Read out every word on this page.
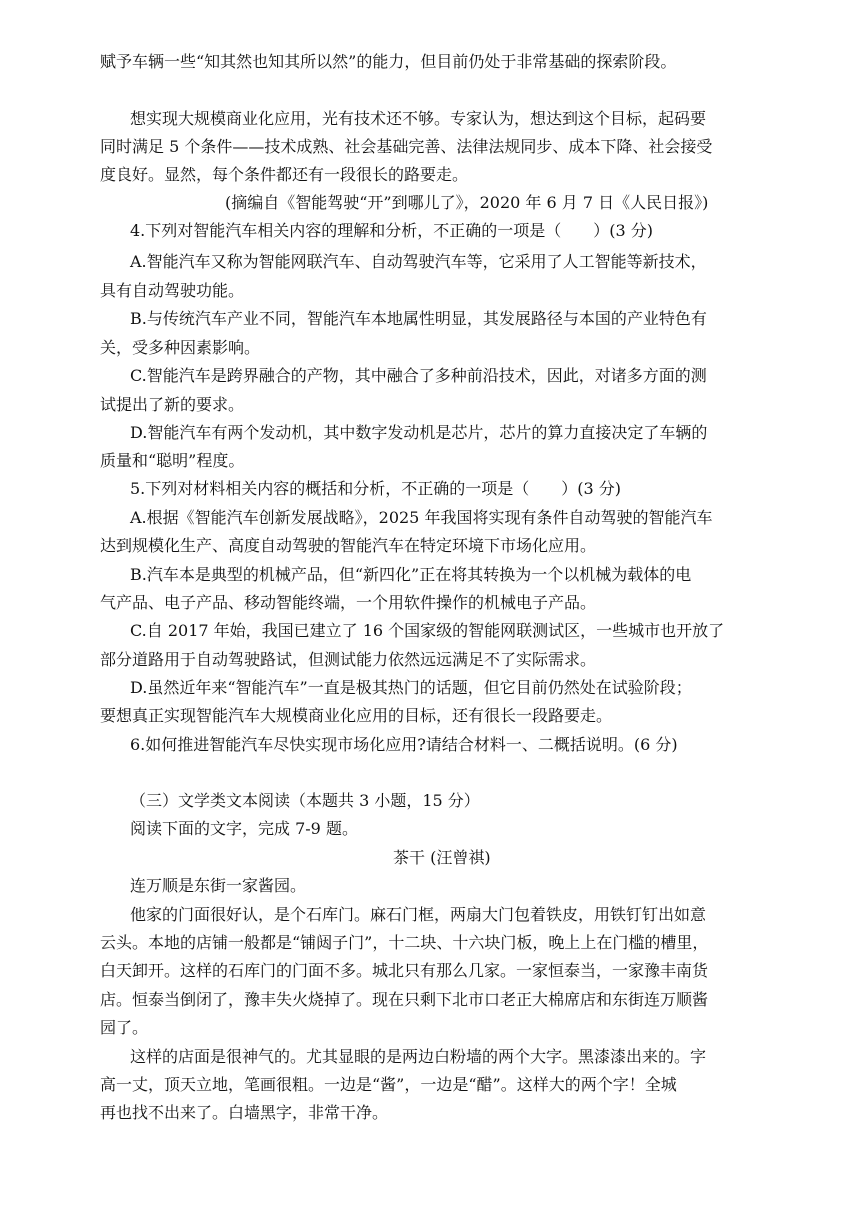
赋予车辆一些“知其然也知其所以然”的能力，但目前仍处于非常基础的探索阶段。
想实现大规模商业化应用，光有技术还不够。专家认为，想达到这个目标，起码要
同时满足 5 个条件——技术成熟、社会基础完善、法律法规同步、成本下降、社会接受
度良好。显然，每个条件都还有一段很长的路要走。
(摘编自《智能驾驶“开”到哪儿了》，2020 年 6 月 7 日《人民日报》)
4.下列对智能汽车相关内容的理解和分析，不正确的一项是（　　）(3 分)
A.智能汽车又称为智能网联汽车、自动驾驶汽车等，它采用了人工智能等新技术，
具有自动驾驶功能。
B.与传统汽车产业不同，智能汽车本地属性明显，其发展路径与本国的产业特色有
关，受多种因素影响。
C.智能汽车是跨界融合的产物，其中融合了多种前沿技术，因此，对诸多方面的测
试提出了新的要求。
D.智能汽车有两个发动机，其中数字发动机是芯片，芯片的算力直接决定了车辆的
质量和“聪明”程度。
5.下列对材料相关内容的概括和分析，不正确的一项是（　　）(3 分)
A.根据《智能汽车创新发展战略》，2025 年我国将实现有条件自动驾驶的智能汽车
达到规模化生产、高度自动驾驶的智能汽车在特定环境下市场化应用。
B.汽车本是典型的机械产品，但“新四化”正在将其转换为一个以机械为载体的电
气产品、电子产品、移动智能终端，一个用软件操作的机械电子产品。
C.自 2017 年始，我国已建立了 16 个国家级的智能网联测试区，一些城市也开放了
部分道路用于自动驾驶路试，但测试能力依然远远满足不了实际需求。
D.虽然近年来“智能汽车”一直是极其热门的话题，但它目前仍然处在试验阶段；
要想真正实现智能汽车大规模商业化应用的目标，还有很长一段路要走。
6.如何推进智能汽车尽快实现市场化应用?请结合材料一、二概括说明。(6 分)
（三）文学类文本阅读（本题共 3 小题，15 分）
阅读下面的文字，完成 7-9 题。
茶干 (汪曾祺)
连万顺是东街一家酱园。
他家的门面很好认，是个石库门。麻石门框，两扇大门包着铁皮，用铁钉钉出如意
云头。本地的店铺一般都是“铺闼子门”，十二块、十六块门板，晚上上在门槛的槽里，
白天卸开。这样的石库门的门面不多。城北只有那么几家。一家恒泰当，一家豫丰南货
店。恒泰当倒闭了，豫丰失火烧掉了。现在只剩下北市口老正大棉席店和东街连万顺酱
园了。
这样的店面是很神气的。尤其显眼的是两边白粉墙的两个大字。黑漆漆出来的。字
高一丈，顶天立地，笔画很粗。一边是“酱”，一边是“醋”。这样大的两个字！全城
再也找不出来了。白墙黑字，非常干净。
